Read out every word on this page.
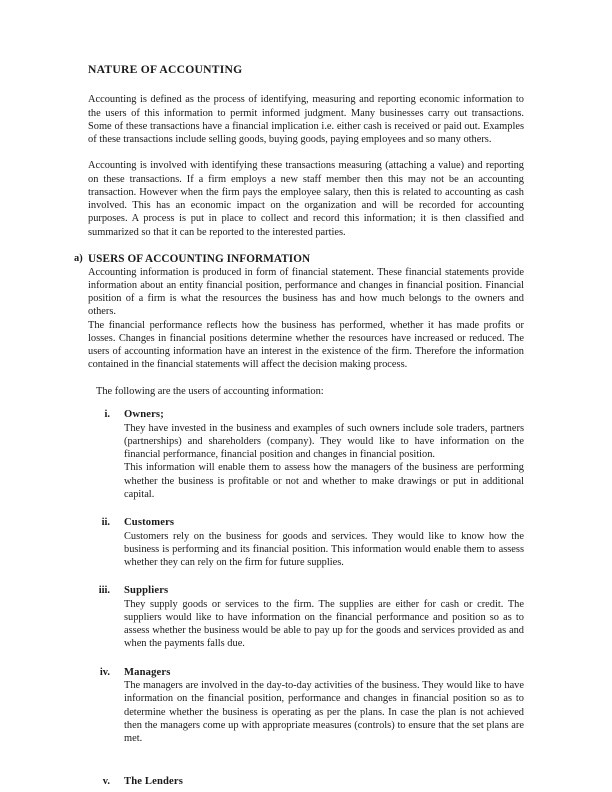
NATURE OF ACCOUNTING

Accounting is defined as the process of identifying, measuring and reporting economic information to the users of this information to permit informed judgment. Many businesses carry out transactions. Some of these transactions have a financial implication i.e. either cash is received or paid out. Examples of these transactions include selling goods, buying goods, paying employees and so many others.

Accounting is involved with identifying these transactions measuring (attaching a value) and reporting on these transactions. If a firm employs a new staff member then this may not be an accounting transaction. However when the firm pays the employee salary, then this is related to accounting as cash involved. This has an economic impact on the organization and will be recorded for accounting purposes. A process is put in place to collect and record this information; it is then classified and summarized so that it can be reported to the interested parties.

a) USERS OF ACCOUNTING INFORMATION

Accounting information is produced in form of financial statement. These financial statements provide information about an entity financial position, performance and changes in financial position. Financial position of a firm is what the resources the business has and how much belongs to the owners and others.

The financial performance reflects how the business has performed, whether it has made profits or losses. Changes in financial positions determine whether the resources have increased or reduced. The users of accounting information have an interest in the existence of the firm. Therefore the information contained in the financial statements will affect the decision making process.

The following are the users of accounting information:

i. Owners;

They have invested in the business and examples of such owners include sole traders, partners (partnerships) and shareholders (company). They would like to have information on the financial performance, financial position and changes in financial position.

This information will enable them to assess how the managers of the business are performing whether the business is profitable or not and whether to make drawings or put in additional capital.

ii. Customers

Customers rely on the business for goods and services. They would like to know how the business is performing and its financial position. This information would enable them to assess whether they can rely on the firm for future supplies.

iii. Suppliers

They supply goods or services to the firm. The supplies are either for cash or credit. The suppliers would like to have information on the financial performance and position so as to assess whether the business would be able to pay up for the goods and services provided as and when the payments falls due.

iv. Managers

The managers are involved in the day-to-day activities of the business. They would like to have information on the financial position, performance and changes in financial position so as to determine whether the business is operating as per the plans. In case the plan is not achieved then the managers come up with appropriate measures (controls) to ensure that the set plans are met.

v. The Lenders
